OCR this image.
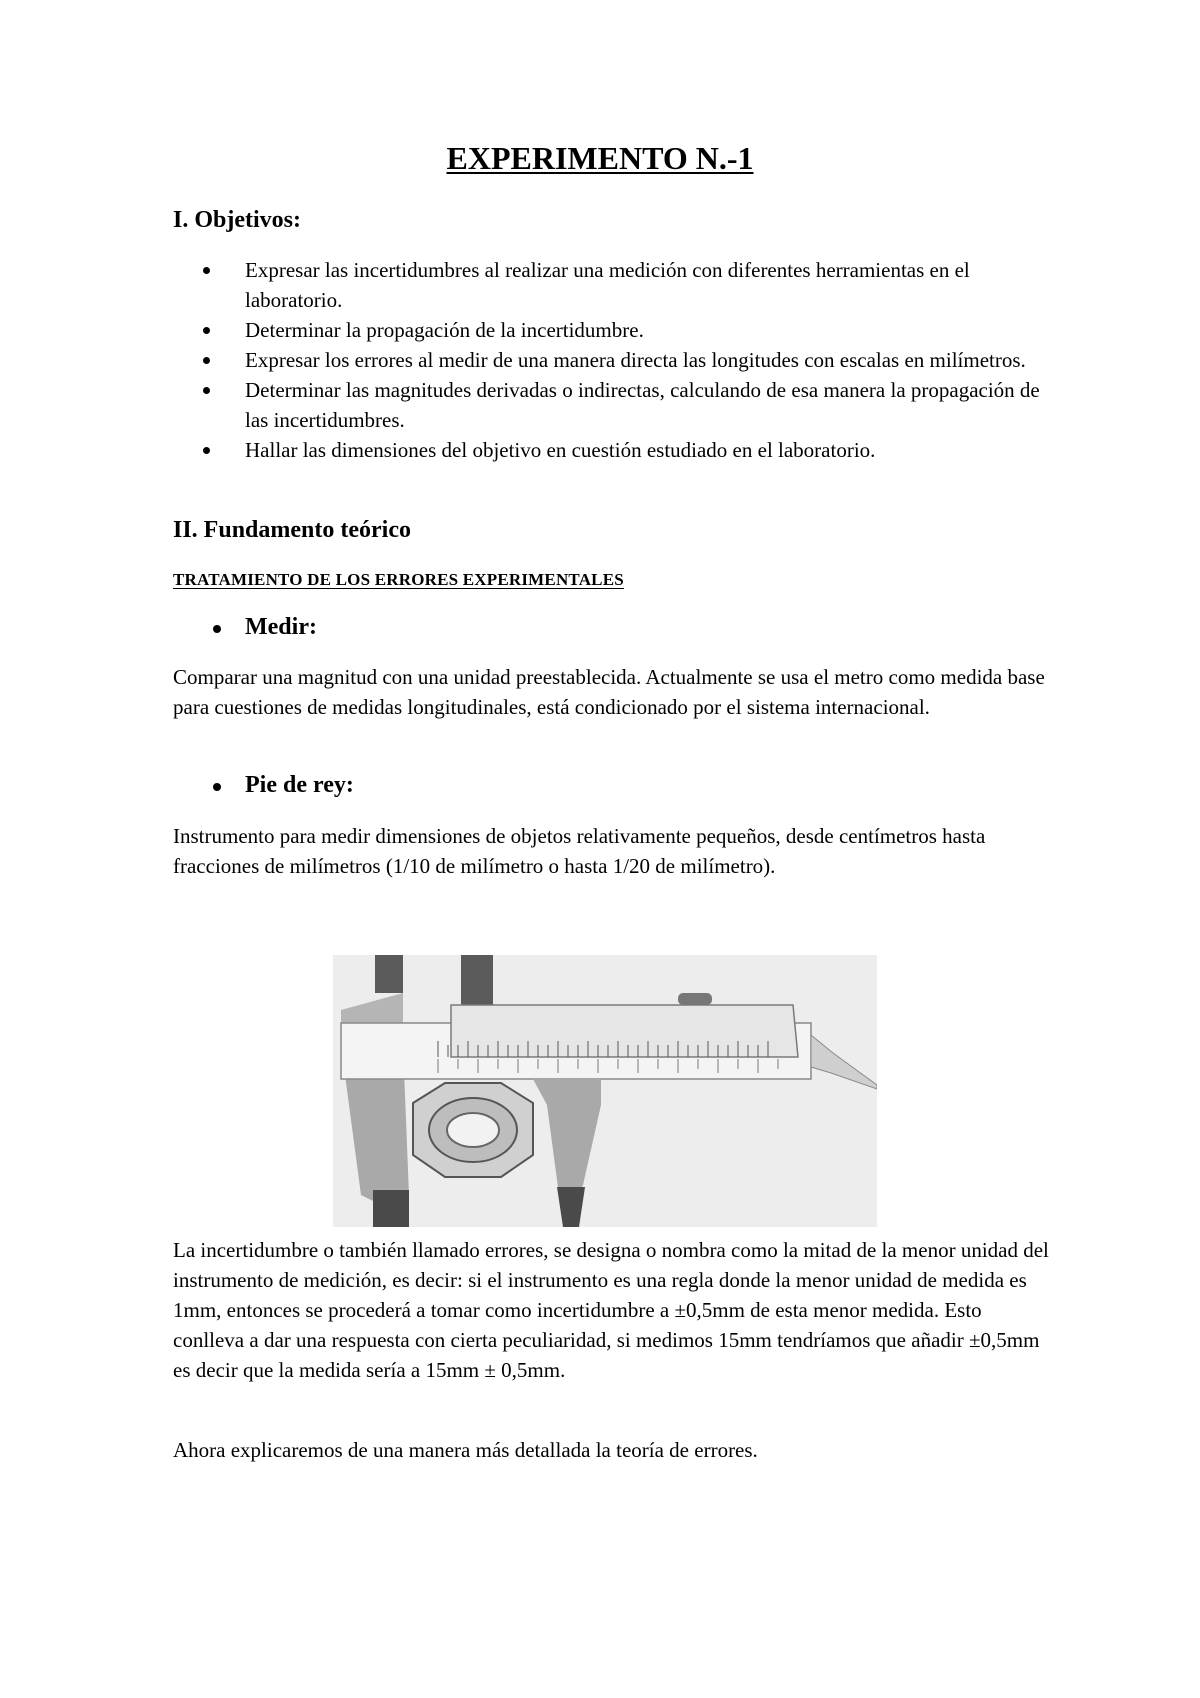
EXPERIMENTO N.-1
I. Objetivos:
Expresar las incertidumbres al realizar una medición con diferentes herramientas en el laboratorio.
Determinar la propagación de la incertidumbre.
Expresar los errores al medir de una manera directa las longitudes con escalas en milímetros.
Determinar las magnitudes derivadas o indirectas, calculando de esa manera la propagación de las incertidumbres.
Hallar las dimensiones del objetivo en cuestión estudiado en el laboratorio.
II. Fundamento teórico
TRATAMIENTO DE LOS ERRORES EXPERIMENTALES
Medir:

Comparar una magnitud con una unidad preestablecida. Actualmente se usa el metro como medida base para cuestiones de medidas longitudinales, está condicionado por el sistema internacional.

Pie de rey:

Instrumento para medir dimensiones de objetos relativamente pequeños, desde centímetros hasta fracciones de milímetros (1/10 de milímetro o hasta 1/20 de milímetro).

La incertidumbre o también llamado errores, se designa o nombra como la mitad de la menor unidad del instrumento de medición, es decir: si el instrumento es una regla donde la menor unidad de medida es 1mm, entonces se procederá a tomar como incertidumbre a ±0,5mm de esta menor medida. Esto conlleva a dar una respuesta con cierta peculiaridad, si medimos 15mm tendríamos que añadir ±0,5mm es decir que la medida sería a 15mm ± 0,5mm.

Ahora explicaremos de una manera más detallada la teoría de errores.
